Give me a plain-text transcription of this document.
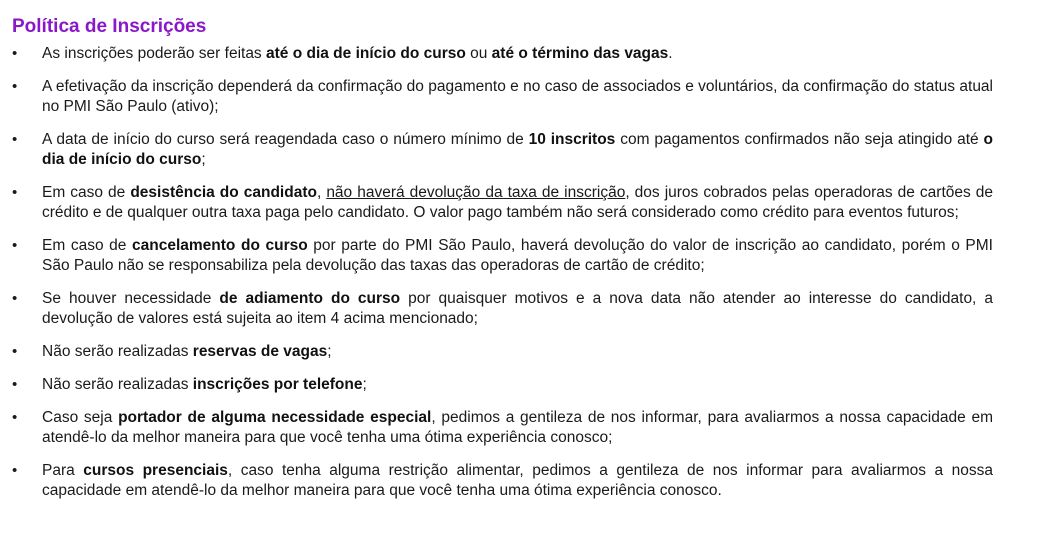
Política de Inscrições
•	As inscrições poderão ser feitas até o dia de início do curso ou até o término das vagas.
•	A efetivação da inscrição dependerá da confirmação do pagamento e no caso de associados e voluntários, da confirmação do status atual no PMI São Paulo (ativo);
•	A data de início do curso será reagendada caso o número mínimo de 10 inscritos com pagamentos confirmados não seja atingido até o dia de início do curso;
•	Em caso de desistência do candidato, não haverá devolução da taxa de inscrição, dos juros cobrados pelas operadoras de cartões de crédito e de qualquer outra taxa paga pelo candidato. O valor pago também não será considerado como crédito para eventos futuros;
•	Em caso de cancelamento do curso por parte do PMI São Paulo, haverá devolução do valor de inscrição ao candidato, porém o PMI São Paulo não se responsabiliza pela devolução das taxas das operadoras de cartão de crédito;
•	Se houver necessidade de adiamento do curso por quaisquer motivos e a nova data não atender ao interesse do candidato, a devolução de valores está sujeita ao item 4 acima mencionado;
•	Não serão realizadas reservas de vagas;
•	Não serão realizadas inscrições por telefone;
•	Caso seja portador de alguma necessidade especial, pedimos a gentileza de nos informar, para avaliarmos a nossa capacidade em atendê-lo da melhor maneira para que você tenha uma ótima experiência conosco;
•	Para cursos presenciais, caso tenha alguma restrição alimentar, pedimos a gentileza de nos informar para avaliarmos a nossa capacidade em atendê-lo da melhor maneira para que você tenha uma ótima experiência conosco.
